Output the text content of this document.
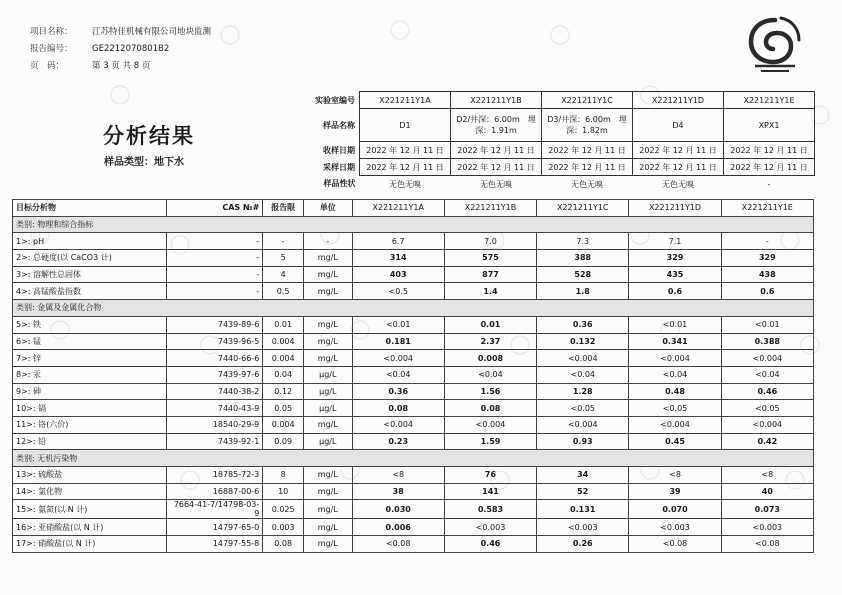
项目名称：	江苏特佳机械有限公司地块监测
报告编号：	GE2212070801B2
页　码：	第 3 页 共 8 页
分析结果
样品类型：地下水
实验室编号	X221211Y1A	X221211Y1B	X221211Y1C	X221211Y1D	X221211Y1E
样品名称	D1	D2/井深：6.00m　埋深：1.91m	D3/井深：6.00m　埋深：1.82m	D4	XPX1
收样日期	2022 年 12 月 11 日	2022 年 12 月 11 日	2022 年 12 月 11 日	2022 年 12 月 11 日	2022 年 12 月 11 日
采样日期	2022 年 12 月 11 日	2022 年 12 月 11 日	2022 年 12 月 11 日	2022 年 12 月 11 日	2022 年 12 月 11 日
样品性状	无色无嗅	无色无嗅	无色无嗅	无色无嗅	-
目标分析物	CAS №#	报告限	单位	X221211Y1A	X221211Y1B	X221211Y1C	X221211Y1D	X221211Y1E
类别: 物理和综合指标								
1>: pH	-	-	-	6.7	7.0	7.3	7.1	-
2>: 总硬度(以 CaCO3 计)	-	5	mg/L	314	575	388	329	329
3>: 溶解性总固体	-	4	mg/L	403	877	528	435	438
4>: 高锰酸盐指数	-	0.5	mg/L	<0.5	1.4	1.8	0.6	0.6
类别: 金属及金属化合物								
5>: 铁	7439-89-6	0.01	mg/L	<0.01	0.01	0.36	<0.01	<0.01
6>: 锰	7439-96-5	0.004	mg/L	0.181	2.37	0.132	0.341	0.388
7>: 锌	7440-66-6	0.004	mg/L	<0.004	0.008	<0.004	<0.004	<0.004
8>: 汞	7439-97-6	0.04	μg/L	<0.04	<0.04	<0.04	<0.04	<0.04
9>: 砷	7440-38-2	0.12	μg/L	0.36	1.56	1.28	0.48	0.46
10>: 镉	7440-43-9	0.05	μg/L	0.08	0.08	<0.05	<0.05	<0.05
11>: 铬(六价)	18540-29-9	0.004	mg/L	<0.004	<0.004	<0.004	<0.004	<0.004
12>: 铅	7439-92-1	0.09	μg/L	0.23	1.59	0.93	0.45	0.42
类别: 无机污染物								
13>: 硫酸盐	18785-72-3	8	mg/L	<8	76	34	<8	<8
14>: 氯化物	16887-00-6	10	mg/L	38	141	52	39	40
15>: 氨氮(以 N 计)	7664-41-7/14798-03-9	0.025	mg/L	0.030	0.583	0.131	0.070	0.073
16>: 亚硝酸盐(以 N 计)	14797-65-0	0.003	mg/L	0.006	<0.003	<0.003	<0.003	<0.003
17>: 硝酸盐(以 N 计)	14797-55-8	0.08	mg/L	<0.08	0.46	0.26	<0.08	<0.08
